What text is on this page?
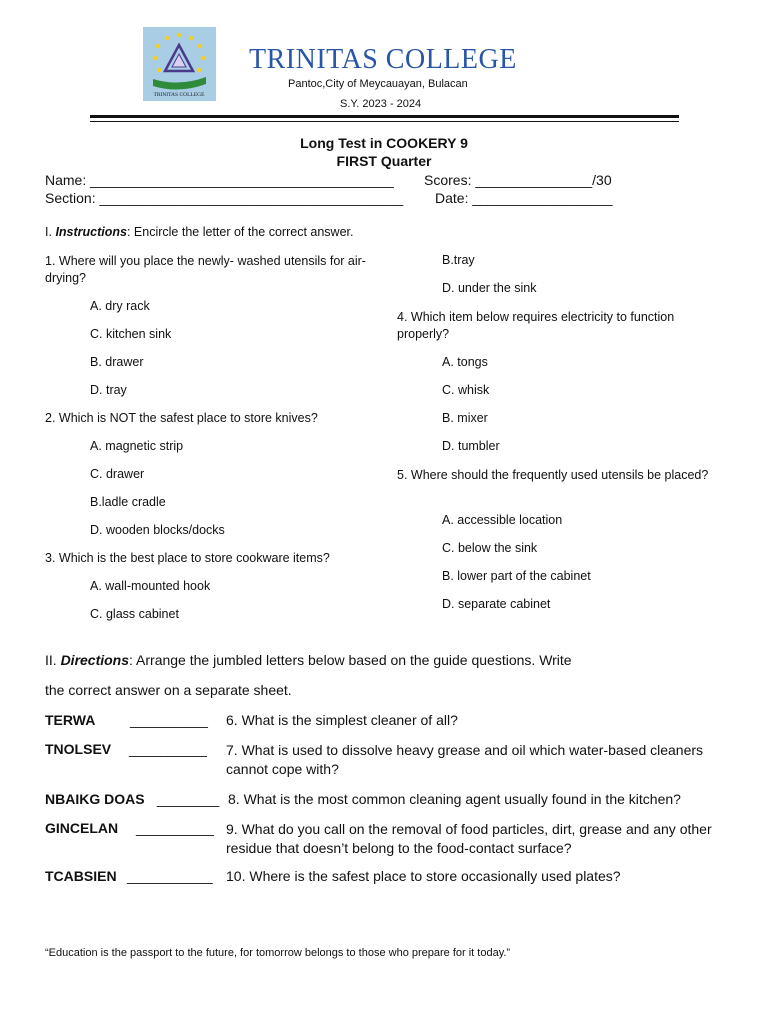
TRINITAS COLLEGE
TRINITAS COLLEGE
Pantoc,City of Meycauayan, Bulacan
S.Y. 2023 - 2024
Long Test in COOKERY 9
FIRST Quarter
Name: _______________________________________ Scores: _______________/30
Section: _______________________________________ Date: __________________
I. Instructions: Encircle the letter of the correct answer.
1. Where will you place the newly- washed utensils for air-drying?
A. dry rack
C. kitchen sink
B. drawer
D. tray
2. Which is NOT the safest place to store knives?
A. magnetic strip
C. drawer
B.ladle cradle
D. wooden blocks/docks
3. Which is the best place to store cookware items?
A. wall-mounted hook
C. glass cabinet
B.tray
D. under the sink
4. Which item below requires electricity to function properly?
A. tongs
C. whisk
B. mixer
D. tumbler
5. Where should the frequently used utensils be placed?
A. accessible location
C. below the sink
B. lower part of the cabinet
D. separate cabinet
II. Directions: Arrange the jumbled letters below based on the guide questions. Write
the correct answer on a separate sheet.
TERWA __________ 6. What is the simplest cleaner of all?
TNOLSEV __________ 7. What is used to dissolve heavy grease and oil which water-based cleaners cannot cope with?
NBAIKG DOAS ________ 8. What is the most common cleaning agent usually found in the kitchen?
GINCELAN __________ 9. What do you call on the removal of food particles, dirt, grease and any other residue that doesn’t belong to the food-contact surface?
TCABSIEN ___________ 10. Where is the safest place to store occasionally used plates?
“Education is the passport to the future, for tomorrow belongs to those who prepare for it today.”
